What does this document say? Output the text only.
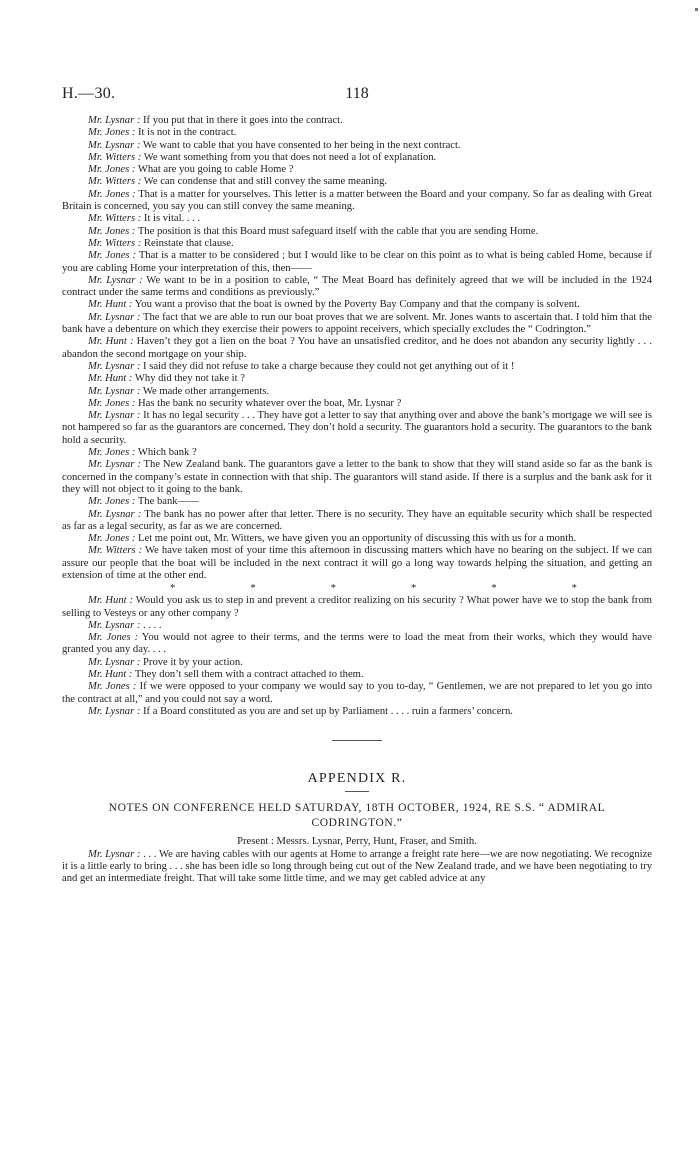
118
H.—30.

Mr. Lysnar : If you put that in there it goes into the contract.

Mr. Jones : It is not in the contract.

Mr. Lysnar : We want to cable that you have consented to her being in the next contract.

Mr. Witters : We want something from you that does not need a lot of explanation.

Mr. Jones : What are you going to cable Home ?

Mr. Witters : We can condense that and still convey the same meaning.

Mr. Jones : That is a matter for yourselves. This letter is a matter between the Board and your company. So far as dealing with Great Britain is concerned, you say you can still convey the same meaning.

Mr. Witters : It is vital. . . .

Mr. Jones : The position is that this Board must safeguard itself with the cable that you are sending Home.

Mr. Witters : Reinstate that clause.

Mr. Jones : That is a matter to be considered ; but I would like to be clear on this point as to what is being cabled Home, because if you are cabling Home your interpretation of this, then——

Mr. Lysnar : We want to be in a position to cable, “ The Meat Board has definitely agreed that we will be included in the 1924 contract under the same terms and conditions as previously.”

Mr. Hunt : You want a proviso that the boat is owned by the Poverty Bay Company and that the company is solvent.

Mr. Lysnar : The fact that we are able to run our boat proves that we are solvent. Mr. Jones wants to ascertain that. I told him that the bank have a debenture on which they exercise their powers to appoint receivers, which specially excludes the “ Codrington.”

Mr. Hunt : Haven’t they got a lien on the boat ? You have an unsatisfied creditor, and he does not abandon any security lightly . . . abandon the second mortgage on your ship.

Mr. Lysnar : I said they did not refuse to take a charge because they could not get anything out of it !

Mr. Hunt : Why did they not take it ?

Mr. Lysnar : We made other arrangements.

Mr. Jones : Has the bank no security whatever over the boat, Mr. Lysnar ?

Mr. Lysnar : It has no legal security . . . They have got a letter to say that anything over and above the bank’s mortgage we will see is not hampered so far as the guarantors are concerned. They don’t hold a security. The guarantors hold a security. The guarantors to the bank hold a security.

Mr. Jones : Which bank ?

Mr. Lysnar : The New Zealand bank. The guarantors gave a letter to the bank to show that they will stand aside so far as the bank is concerned in the company’s estate in connection with that ship. The guarantors will stand aside. If there is a surplus and the bank ask for it they will not object to it going to the bank.

Mr. Jones : The bank——

Mr. Lysnar : The bank has no power after that letter. There is no security. They have an equitable security which shall be respected as far as a legal security, as far as we are concerned.

Mr. Jones : Let me point out, Mr. Witters, we have given you an opportunity of discussing this with us for a month.

Mr. Witters : We have taken most of your time this afternoon in discussing matters which have no bearing on the subject. If we can assure our people that the boat will be included in the next contract it will go a long way towards helping the situation, and getting an extension of time at the other end.

*	*	*	*	*	*

Mr. Hunt : Would you ask us to step in and prevent a creditor realizing on his security ? What power have we to stop the bank from selling to Vesteys or any other company ?

Mr. Lysnar : . . . .

Mr. Jones : You would not agree to their terms, and the terms were to load the meat from their works, which they would have granted you any day. . . .

Mr. Lysnar : Prove it by your action.

Mr. Hunt : They don’t sell them with a contract attached to them.

Mr. Jones : If we were opposed to your company we would say to you to-day, “ Gentlemen, we are not prepared to let you go into the contract at all,” and you could not say a word.

Mr. Lysnar : If a Board constituted as you are and set up by Parliament . . . . ruin a farmers’ concern.

APPENDIX R.
NOTES ON CONFERENCE HELD SATURDAY, 18TH OCTOBER, 1924, RE S.S. “ ADMIRAL CODRINGTON.”
Present : Messrs. Lysnar, Perry, Hunt, Fraser, and Smith.

Mr. Lysnar : . . . We are having cables with our agents at Home to arrange a freight rate here—we are now negotiating. We recognize it is a little early to bring . . . she has been idle so long through being cut out of the New Zealand trade, and we have been negotiating to try and get an intermediate freight. That will take some little time, and we may get cabled advice at any
